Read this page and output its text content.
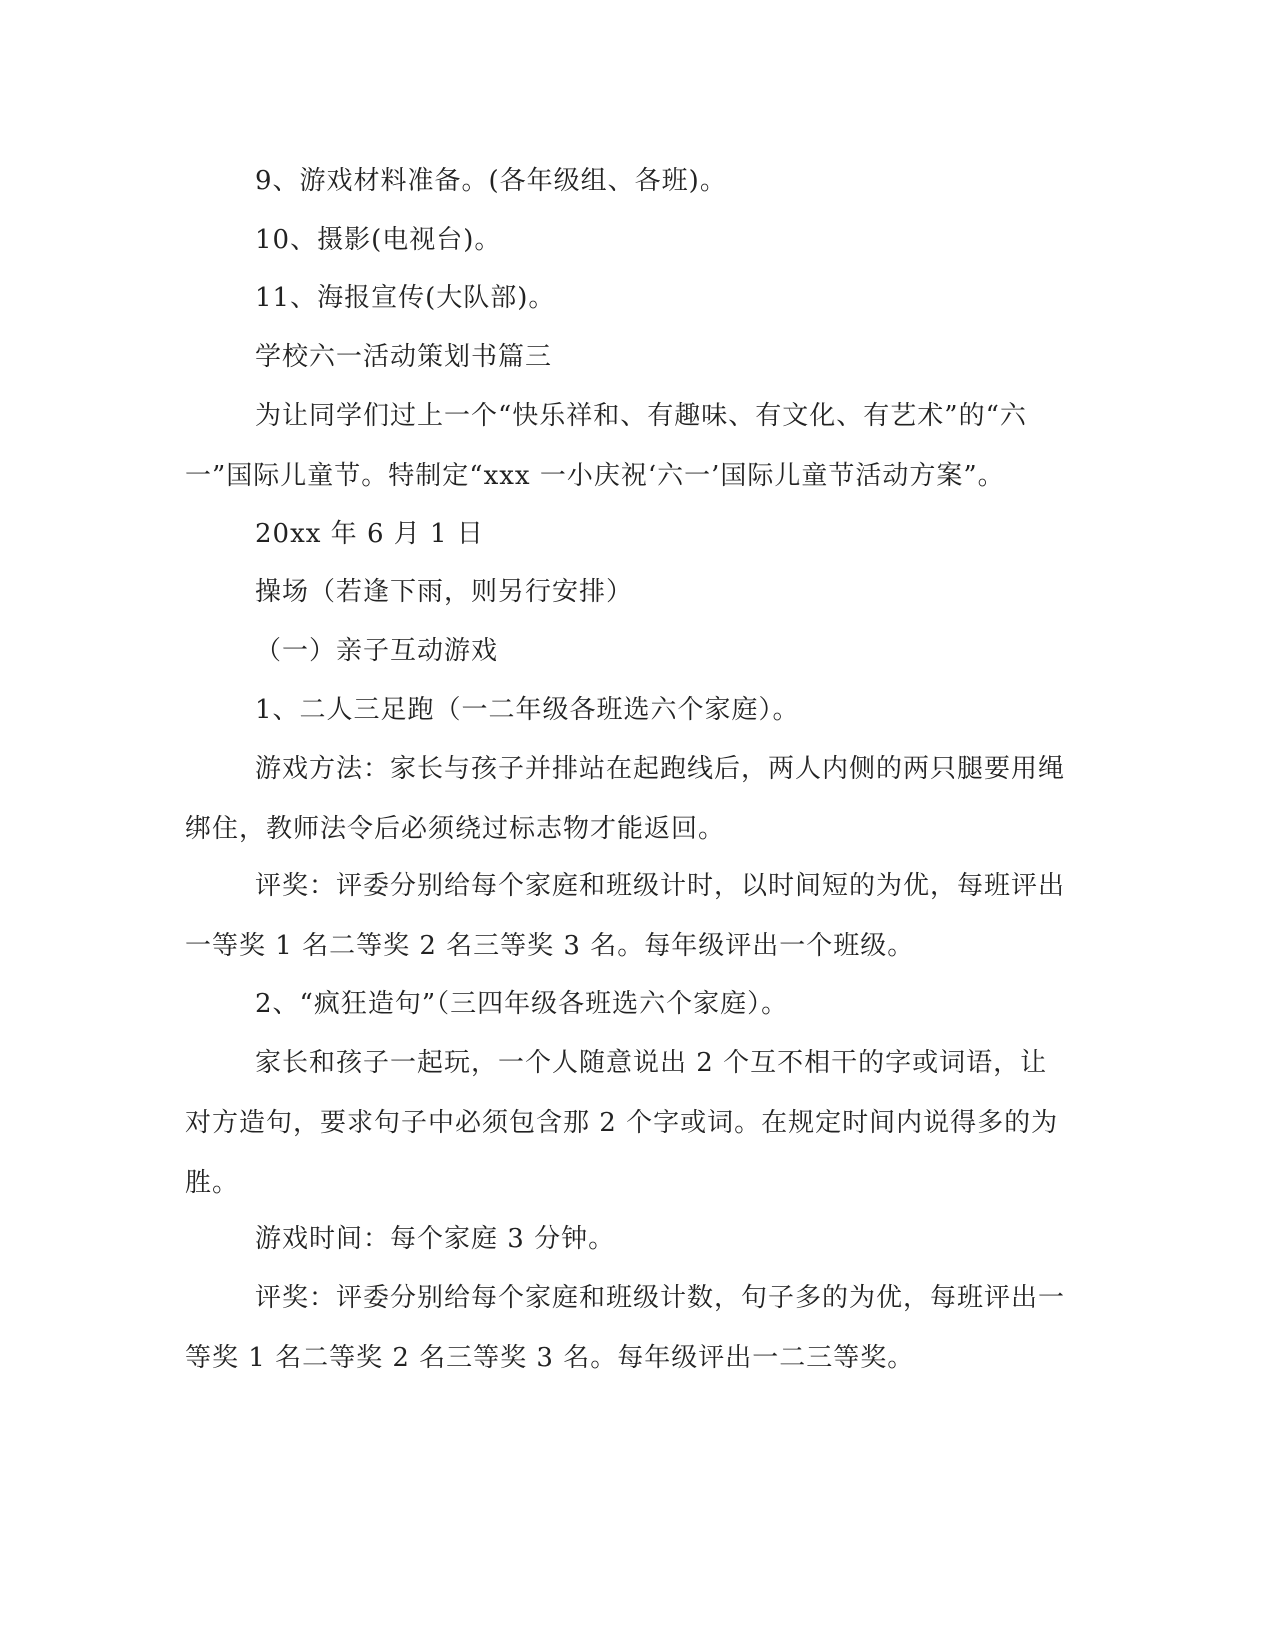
9、游戏材料准备。(各年级组、各班)。

10、摄影(电视台)。

11、海报宣传(大队部)。

学校六一活动策划书篇三

为让同学们过上一个“快乐祥和、有趣味、有文化、有艺术”的“六一”国际儿童节。特制定“xxx 一小庆祝‘六一’国际儿童节活动方案”。

20xx 年 6 月 1 日

操场（若逢下雨，则另行安排）

（一）亲子互动游戏

1、二人三足跑（一二年级各班选六个家庭）。

游戏方法：家长与孩子并排站在起跑线后，两人内侧的两只腿要用绳绑住，教师法令后必须绕过标志物才能返回。

评奖：评委分别给每个家庭和班级计时，以时间短的为优，每班评出一等奖 1 名二等奖 2 名三等奖 3 名。每年级评出一个班级。

2、“疯狂造句”（三四年级各班选六个家庭）。

家长和孩子一起玩，一个人随意说出 2 个互不相干的字或词语，让对方造句，要求句子中必须包含那 2 个字或词。在规定时间内说得多的为胜。

游戏时间：每个家庭 3 分钟。

评奖：评委分别给每个家庭和班级计数，句子多的为优，每班评出一等奖 1 名二等奖 2 名三等奖 3 名。每年级评出一二三等奖。
